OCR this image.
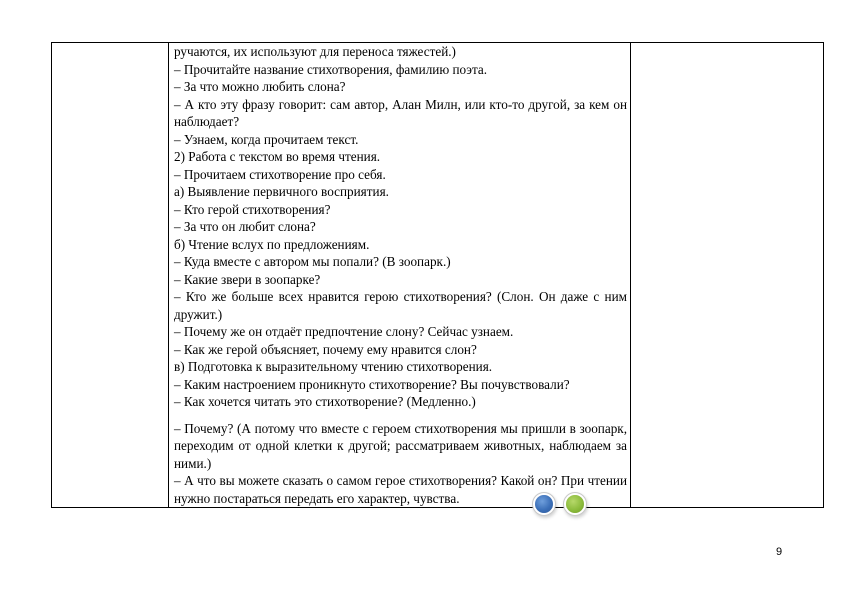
ручаются, их используют для переноса тяжестей.)

– Прочитайте название стихотворения, фамилию поэта.

– За что можно любить слона?

– А кто эту фразу говорит: сам автор, Алан Милн, или кто-то другой, за кем он наблюдает?

– Узнаем, когда прочитаем текст.

2) Работа с текстом во время чтения.

– Прочитаем стихотворение про себя.

а) Выявление первичного восприятия.

– Кто герой стихотворения?

– За что он любит слона?

б) Чтение вслух по предложениям.

– Куда вместе с автором мы попали? (В зоопарк.)

– Какие звери в зоопарке?

– Кто же больше всех нравится герою стихотворения? (Слон. Он даже с ним дружит.)

– Почему же он отдаёт предпочтение слону? Сейчас узнаем.

– Как же герой объясняет, почему ему нравится слон?

в) Подготовка к выразительному чтению стихотворения.

– Каким настроением проникнуто стихотворение? Вы почувствовали?

– Как хочется читать это стихотворение? (Медленно.)

– Почему? (А потому что вместе с героем стихотворения мы пришли в зоопарк, переходим от одной клетки к другой; рассматриваем животных, наблюдаем за ними.)

– А что вы можете сказать о самом герое стихотворения? Какой он? При чтении нужно постараться передать его характер, чувства.

9
